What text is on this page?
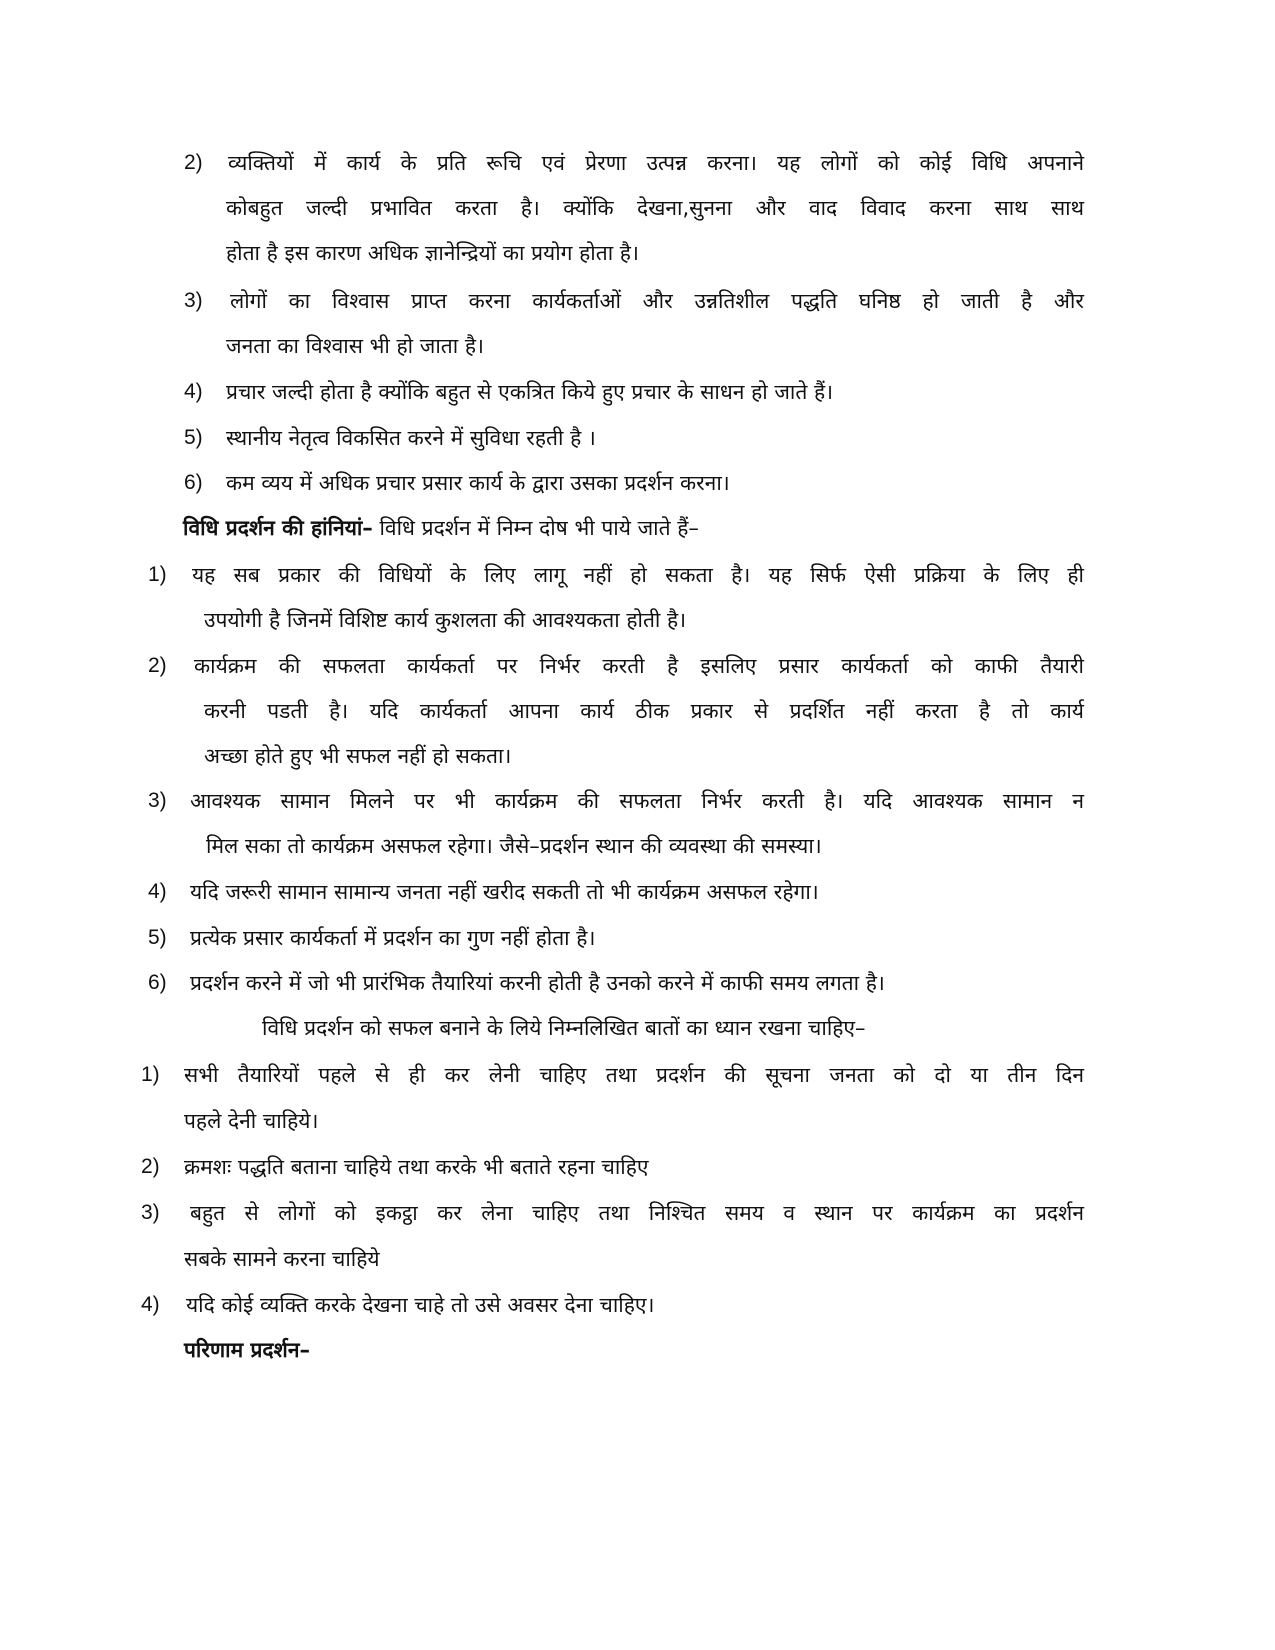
2) व्यक्तियों में कार्य के प्रति रूचि एवं प्रेरणा उत्पन्न करना। यह लोगों को कोई विधि अपनाने
कोबहुत जल्दी प्रभावित करता है। क्योंकि देखना,सुनना और वाद विवाद करना साथ साथ
होता है इस कारण अधिक ज्ञानेन्द्रियों का प्रयोग होता है।
3) लोगों का विश्वास प्राप्त करना कार्यकर्ताओं और उन्नतिशील पद्धति घनिष्ठ हो जाती है और
जनता का विश्वास भी हो जाता है।
4) प्रचार जल्दी होता है क्योंकि बहुत से एकत्रित किये हुए प्रचार के साधन हो जाते हैं।
5) स्थानीय नेतृत्व विकसित करने में सुविधा रहती है ।
6) कम व्यय में अधिक प्रचार प्रसार कार्य के द्वारा उसका प्रदर्शन करना।
विधि प्रदर्शन की हांनियां– विधि प्रदर्शन में निम्न दोष भी पाये जाते हैं–
1) यह सब प्रकार की विधियों के लिए लागू नहीं हो सकता है। यह सिर्फ ऐसी प्रक्रिया के लिए ही
उपयोगी है जिनमें विशिष्ट कार्य कुशलता की आवश्यकता होती है।
2) कार्यक्रम की सफलता कार्यकर्ता पर निर्भर करती है इसलिए प्रसार कार्यकर्ता को काफी तैयारी
करनी पडती है। यदि कार्यकर्ता आपना कार्य ठीक प्रकार से प्रदर्शित नहीं करता है तो कार्य
अच्छा होते हुए भी सफल नहीं हो सकता।
3) आवश्यक सामान मिलने पर भी कार्यक्रम की सफलता निर्भर करती है। यदि आवश्यक सामान न
मिल सका तो कार्यक्रम असफल रहेगा। जैसे–प्रदर्शन स्थान की व्यवस्था की समस्या।
4) यदि जरूरी सामान सामान्य जनता नहीं खरीद सकती तो भी कार्यक्रम असफल रहेगा।
5) प्रत्येक प्रसार कार्यकर्ता में प्रदर्शन का गुण नहीं होता है।
6) प्रदर्शन करने में जो भी प्रारंभिक तैयारियां करनी होती है उनको करने में काफी समय लगता है।
विधि प्रदर्शन को सफल बनाने के लिये निम्नलिखित बातों का ध्यान रखना चाहिए–
1) सभी तैयारियों पहले से ही कर लेनी चाहिए तथा प्रदर्शन की सूचना जनता को दो या तीन दिन
पहले देनी चाहिये।
2) क्रमशः पद्धति बताना चाहिये तथा करके भी बताते रहना चाहिए
3) बहुत से लोगों को इकट्ठा कर लेना चाहिए तथा निश्चित समय व स्थान पर कार्यक्रम का प्रदर्शन
सबके सामने करना चाहिये
4) यदि कोई व्यक्ति करके देखना चाहे तो उसे अवसर देना चाहिए।
परिणाम प्रदर्शन–
